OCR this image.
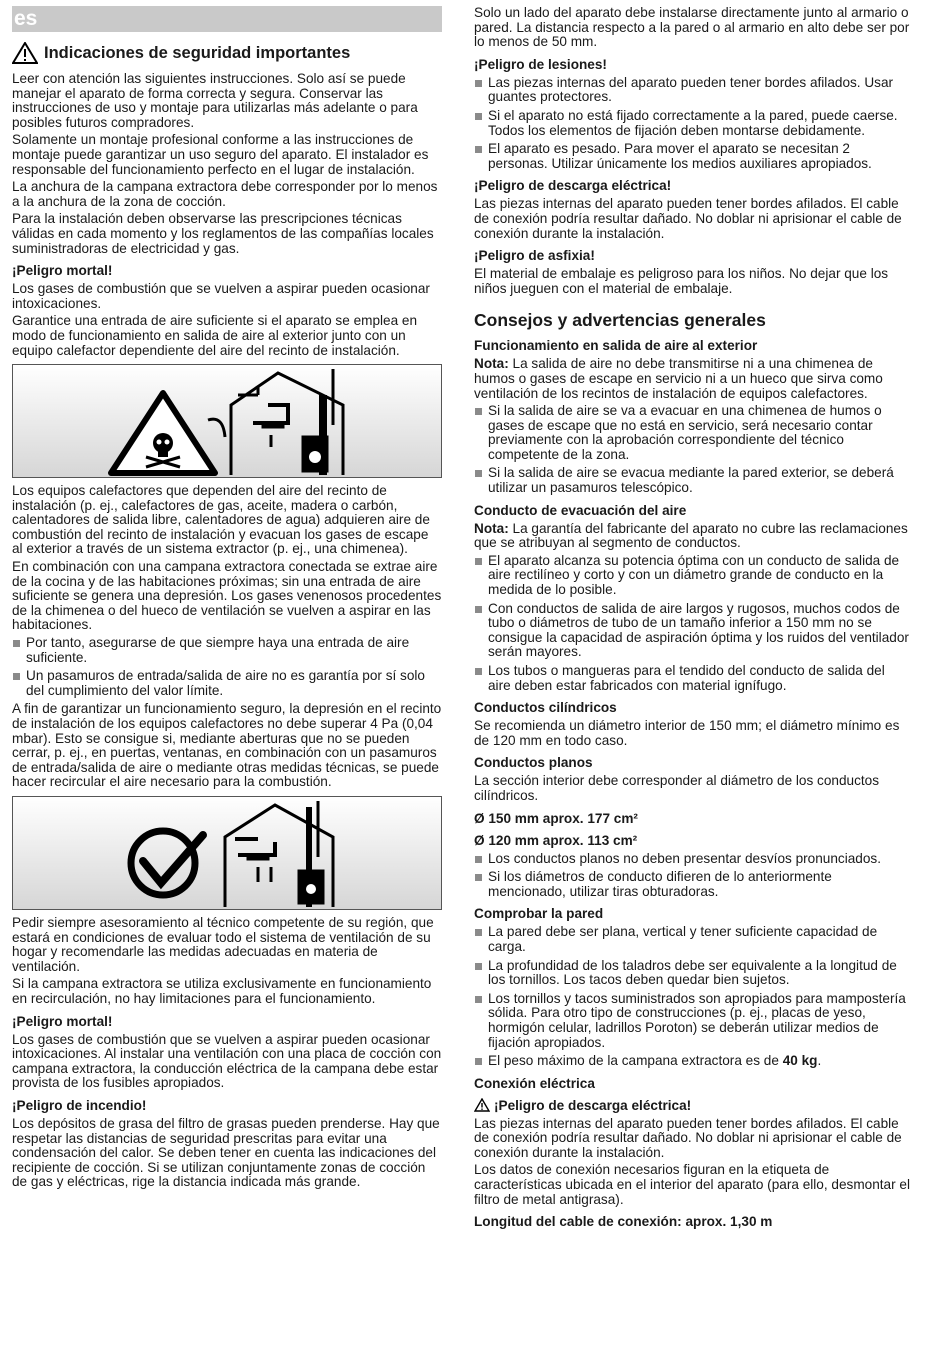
es
Indicaciones de seguridad importantes

Leer con atención las siguientes instrucciones. Solo así se puede manejar el aparato de forma correcta y segura. Conservar las instrucciones de uso y montaje para utilizarlas más adelante o para posibles futuros compradores.

Solamente un montaje profesional conforme a las instrucciones de montaje puede garantizar un uso seguro del aparato. El instalador es responsable del funcionamiento perfecto en el lugar de instalación.

La anchura de la campana extractora debe corresponder por lo menos a la anchura de la zona de cocción.

Para la instalación deben observarse las prescripciones técnicas válidas en cada momento y los reglamentos de las compañías locales suministradoras de electricidad y gas.

¡Peligro mortal!

Los gases de combustión que se vuelven a aspirar pueden ocasionar intoxicaciones.

Garantice una entrada de aire suficiente si el aparato se emplea en modo de funcionamiento en salida de aire al exterior junto con un equipo calefactor dependiente del aire del recinto de instalación.

Los equipos calefactores que dependen del aire del recinto de instalación (p. ej., calefactores de gas, aceite, madera o carbón, calentadores de salida libre, calentadores de agua) adquieren aire de combustión del recinto de instalación y evacuan los gases de escape al exterior a través de un sistema extractor (p. ej., una chimenea).

En combinación con una campana extractora conectada se extrae aire de la cocina y de las habitaciones próximas; sin una entrada de aire suficiente se genera una depresión. Los gases venenosos procedentes de la chimenea o del hueco de ventilación se vuelven a aspirar en las habitaciones.

Por tanto, asegurarse de que siempre haya una entrada de aire suficiente.
Un pasamuros de entrada/salida de aire no es garantía por sí solo del cumplimiento del valor límite.

A fin de garantizar un funcionamiento seguro, la depresión en el recinto de instalación de los equipos calefactores no debe superar 4 Pa (0,04 mbar). Esto se consigue si, mediante aberturas que no se pueden cerrar, p. ej., en puertas, ventanas, en combinación con un pasamuros de entrada/salida de aire o mediante otras medidas técnicas, se puede hacer recircular el aire necesario para la combustión.

Pedir siempre asesoramiento al técnico competente de su región, que estará en condiciones de evaluar todo el sistema de ventilación de su hogar y recomendarle las medidas adecuadas en materia de ventilación.

Si la campana extractora se utiliza exclusivamente en funcionamiento en recirculación, no hay limitaciones para el funcionamiento.

¡Peligro mortal!

Los gases de combustión que se vuelven a aspirar pueden ocasionar intoxicaciones. Al instalar una ventilación con una placa de cocción con campana extractora, la conducción eléctrica de la campana debe estar provista de los fusibles apropiados.

¡Peligro de incendio!

Los depósitos de grasa del filtro de grasas pueden prenderse. Hay que respetar las distancias de seguridad prescritas para evitar una condensación del calor. Se deben tener en cuenta las indicaciones del recipiente de cocción. Si se utilizan conjuntamente zonas de cocción de gas y eléctricas, rige la distancia indicada más grande.

Solo un lado del aparato debe instalarse directamente junto al armario o pared. La distancia respecto a la pared o al armario en alto debe ser por lo menos de 50 mm.

¡Peligro de lesiones!
Las piezas internas del aparato pueden tener bordes afilados. Usar guantes protectores.
Si el aparato no está fijado correctamente a la pared, puede caerse. Todos los elementos de fijación deben montarse debidamente.
El aparato es pesado. Para mover el aparato se necesitan 2 personas. Utilizar únicamente los medios auxiliares apropiados.
¡Peligro de descarga eléctrica!

Las piezas internas del aparato pueden tener bordes afilados. El cable de conexión podría resultar dañado. No doblar ni aprisionar el cable de conexión durante la instalación.

¡Peligro de asfixia!

El material de embalaje es peligroso para los niños. No dejar que los niños jueguen con el material de embalaje.

Consejos y advertencias generales
Funcionamiento en salida de aire al exterior

Nota: La salida de aire no debe transmitirse ni a una chimenea de humos o gases de escape en servicio ni a un hueco que sirva como ventilación de los recintos de instalación de equipos calefactores.

Si la salida de aire se va a evacuar en una chimenea de humos o gases de escape que no está en servicio, será necesario contar previamente con la aprobación correspondiente del técnico competente de la zona.
Si la salida de aire se evacua mediante la pared exterior, se deberá utilizar un pasamuros telescópico.
Conducto de evacuación del aire

Nota: La garantía del fabricante del aparato no cubre las reclamaciones que se atribuyan al segmento de conductos.

El aparato alcanza su potencia óptima con un conducto de salida de aire rectilíneo y corto y con un diámetro grande de conducto en la medida de lo posible.
Con conductos de salida de aire largos y rugosos, muchos codos de tubo o diámetros de tubo de un tamaño inferior a 150 mm no se consigue la capacidad de aspiración óptima y los ruidos del ventilador serán mayores.
Los tubos o mangueras para el tendido del conducto de salida del aire deben estar fabricados con material ignífugo.
Conductos cilíndricos

Se recomienda un diámetro interior de 150 mm; el diámetro mínimo es de 120 mm en todo caso.

Conductos planos

La sección interior debe corresponder al diámetro de los conductos cilíndricos.

Ø 150 mm aprox. 177 cm²
Ø 120 mm aprox. 113 cm²
Los conductos planos no deben presentar desvíos pronunciados.
Si los diámetros de conducto difieren de lo anteriormente mencionado, utilizar tiras obturadoras.
Comprobar la pared
La pared debe ser plana, vertical y tener suficiente capacidad de carga.
La profundidad de los taladros debe ser equivalente a la longitud de los tornillos. Los tacos deben quedar bien sujetos.
Los tornillos y tacos suministrados son apropiados para mampostería sólida. Para otro tipo de construcciones (p. ej., placas de yeso, hormigón celular, ladrillos Poroton) se deberán utilizar medios de fijación apropiados.
El peso máximo de la campana extractora es de 40 kg.
Conexión eléctrica
¡Peligro de descarga eléctrica!

Las piezas internas del aparato pueden tener bordes afilados. El cable de conexión podría resultar dañado. No doblar ni aprisionar el cable de conexión durante la instalación.

Los datos de conexión necesarios figuran en la etiqueta de características ubicada en el interior del aparato (para ello, desmontar el filtro de metal antigrasa).

Longitud del cable de conexión: aprox. 1,30 m
